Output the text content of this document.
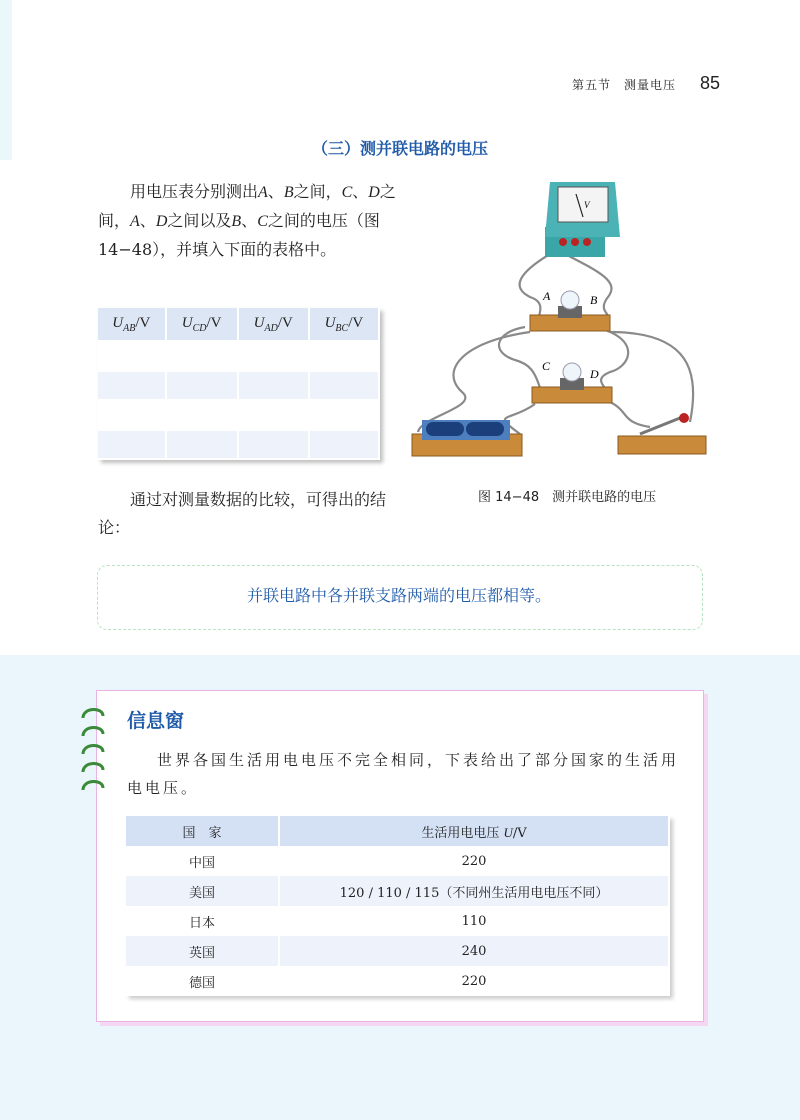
第五节　测量电压 85
（三）测并联电路的电压
用电压表分别测出A、B之间，C、D之间，A、D之间以及B、C之间的电压（图 14−48），并填入下面的表格中。
$U_{AB}/V$	$U_{CD}/V$	$U_{AD}/V$	$U_{BC}/V$

V
A	B
C
D
图 14−48　测并联电路的电压
通过对测量数据的比较，可得出的结论：
并联电路中各并联支路两端的电压都相等。
信息窗
世界各国生活用电电压不完全相同，下表给出了部分国家的生活用电电压。
国　家	生活用电电压 U/V
中国	220
美国	120 / 110 / 115（不同州生活用电电压不同）
日本	110
英国	240
德国	220
